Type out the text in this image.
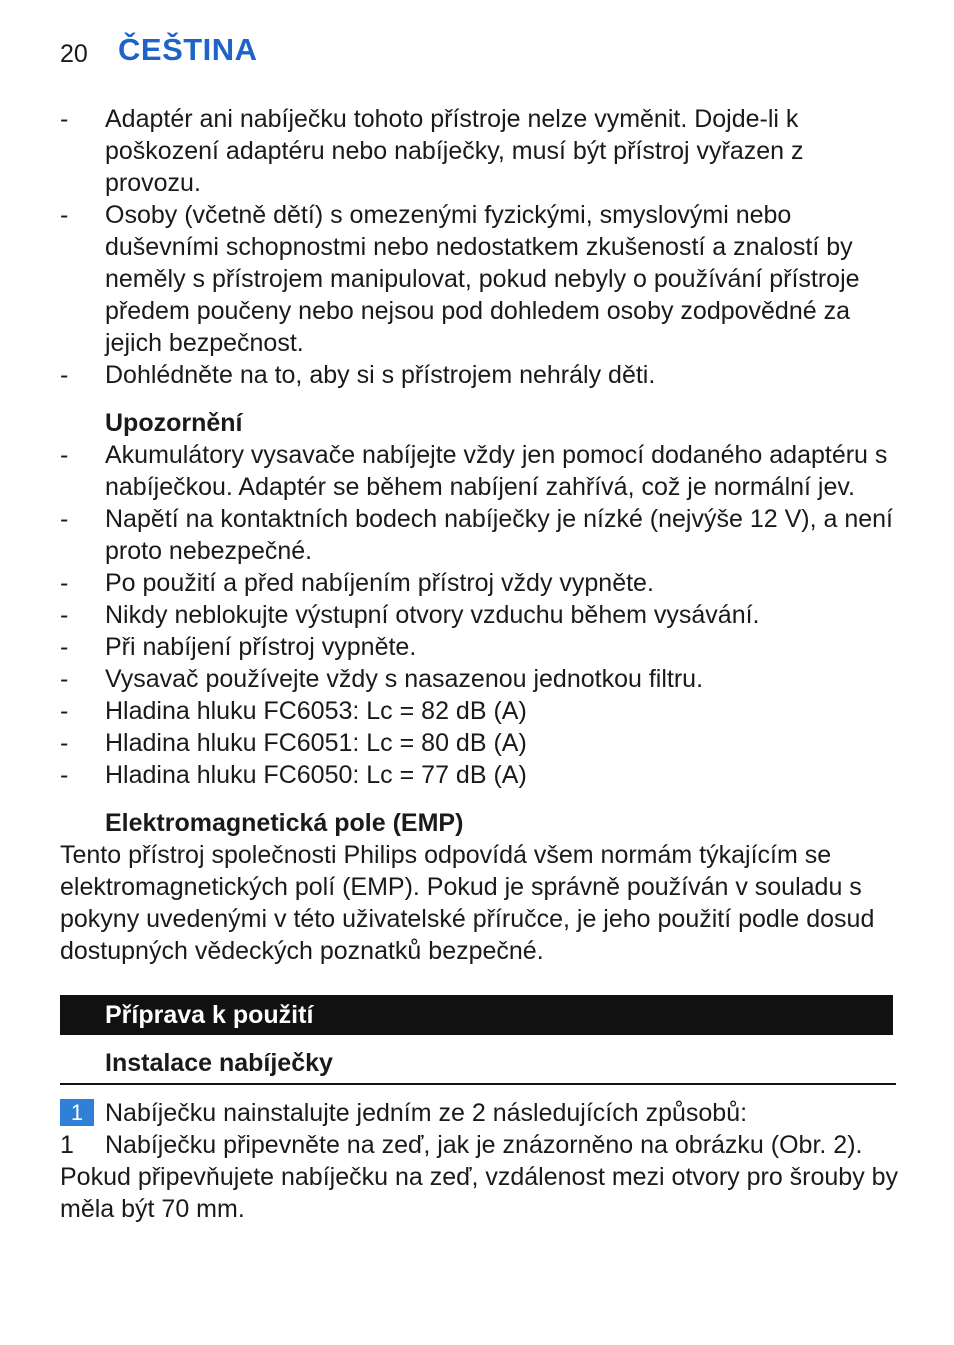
20 ČEŠTINA
- Adaptér ani nabíječku tohoto přístroje nelze vyměnit. Dojde-li k poškození adaptéru nebo nabíječky, musí být přístroj vyřazen z provozu.
- Osoby (včetně dětí) s omezenými fyzickými, smyslovými nebo duševními schopnostmi nebo nedostatkem zkušeností a znalostí by neměly s přístrojem manipulovat, pokud nebyly o používání přístroje předem poučeny nebo nejsou pod dohledem osoby zodpovědné za jejich bezpečnost.
- Dohlédněte na to, aby si s přístrojem nehrály děti.
Upozornění
- Akumulátory vysavače nabíjejte vždy jen pomocí dodaného adaptéru s nabíječkou. Adaptér se během nabíjení zahřívá, což je normální jev.
- Napětí na kontaktních bodech nabíječky je nízké (nejvýše 12 V), a není proto nebezpečné.
- Po použití a před nabíjením přístroj vždy vypněte.
- Nikdy neblokujte výstupní otvory vzduchu během vysávání.
- Při nabíjení přístroj vypněte.
- Vysavač používejte vždy s nasazenou jednotkou filtru.
- Hladina hluku FC6053: Lc = 82 dB (A)
- Hladina hluku FC6051: Lc = 80 dB (A)
- Hladina hluku FC6050: Lc = 77 dB (A)
Elektromagnetická pole (EMP)
Tento přístroj společnosti Philips odpovídá všem normám týkajícím se elektromagnetických polí (EMP). Pokud je správně používán v souladu s pokyny uvedenými v této uživatelské příručce, je jeho použití podle dosud dostupných vědeckých poznatků bezpečné.
Příprava k použití
Instalace nabíječky
1 Nabíječku nainstalujte jedním ze 2 následujících způsobů:
1 Nabíječku připevněte na zeď, jak je znázorněno na obrázku (Obr. 2).
Pokud připevňujete nabíječku na zeď, vzdálenost mezi otvory pro šrouby by měla být 70 mm.
